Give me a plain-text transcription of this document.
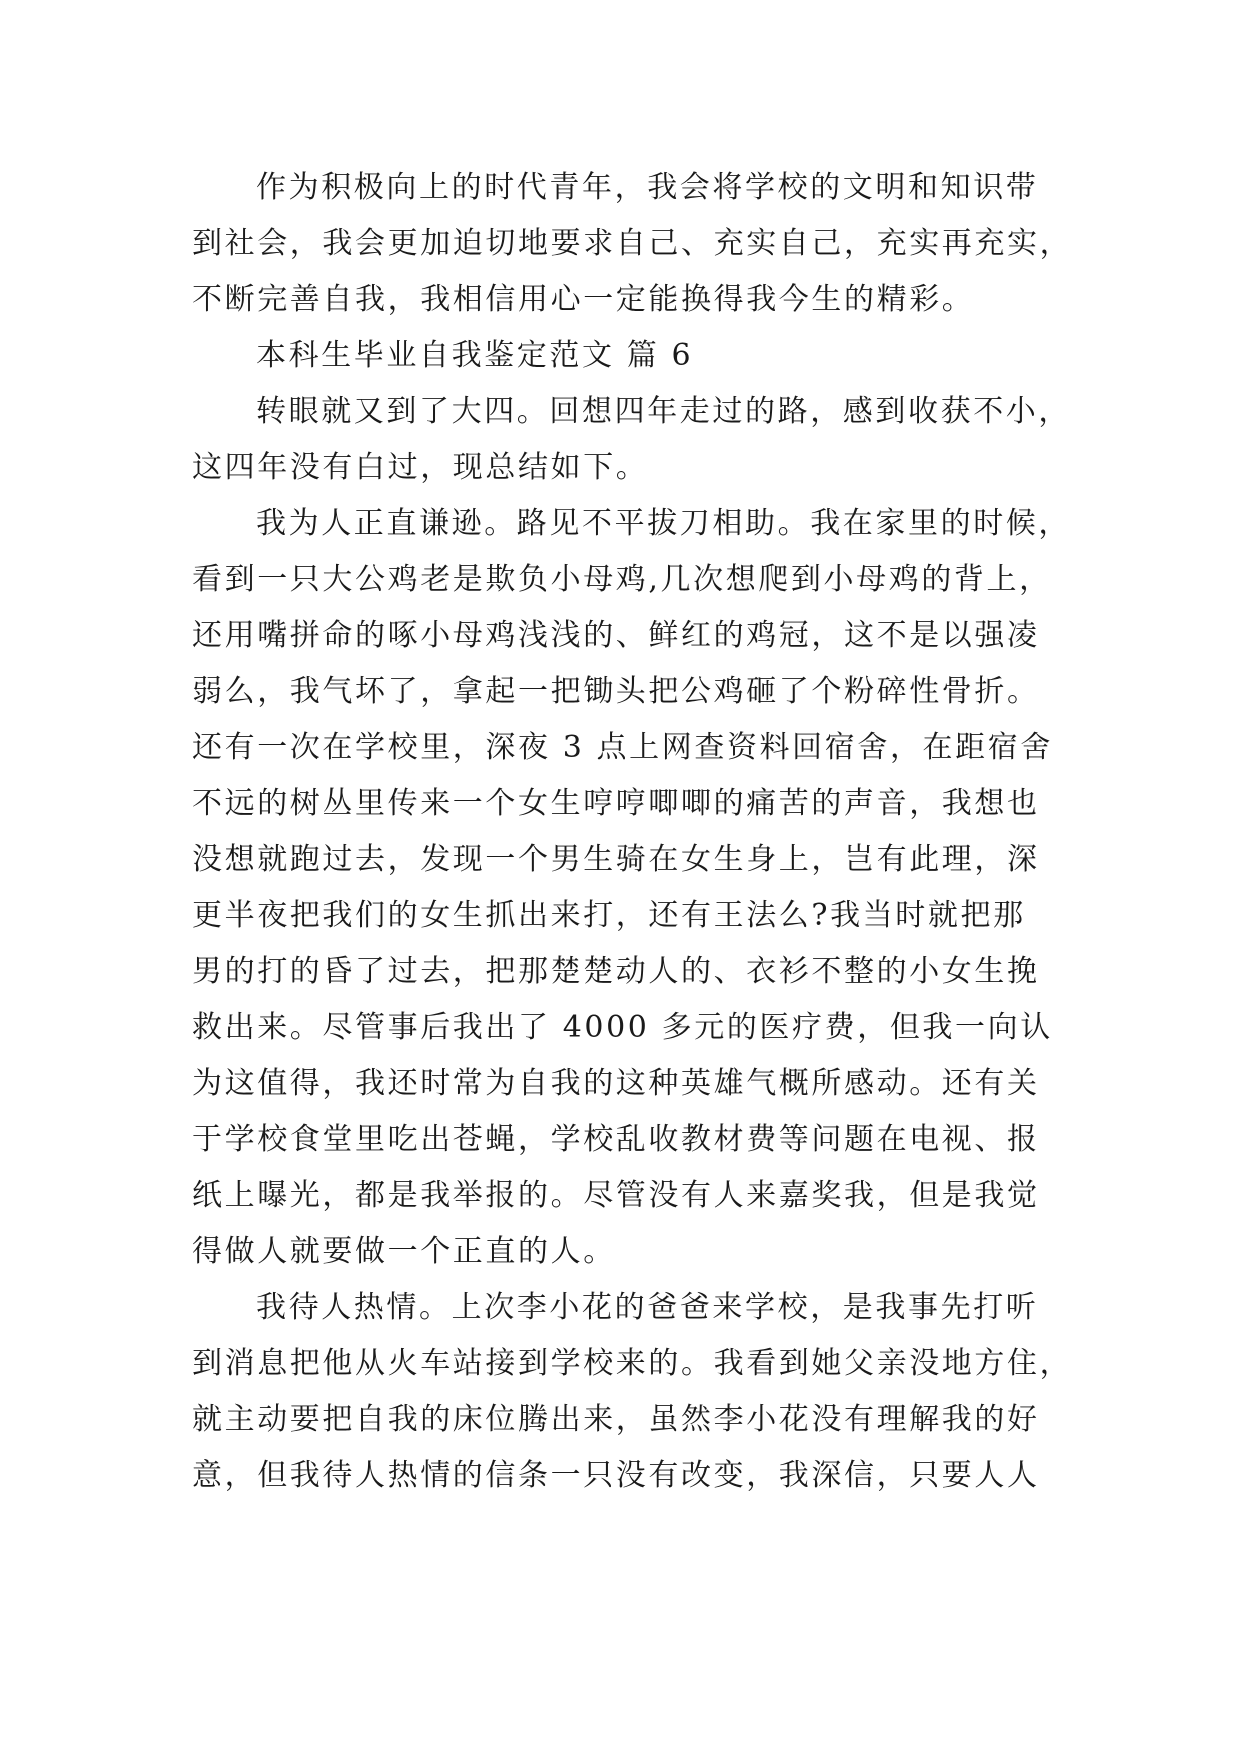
作为积极向上的时代青年，我会将学校的文明和知识带
到社会，我会更加迫切地要求自己、充实自己，充实再充实，
不断完善自我，我相信用心一定能换得我今生的精彩。
本科生毕业自我鉴定范文 篇 6
转眼就又到了大四。回想四年走过的路，感到收获不小，
这四年没有白过，现总结如下。
我为人正直谦逊。路见不平拔刀相助。我在家里的时候，
看到一只大公鸡老是欺负小母鸡,几次想爬到小母鸡的背上，
还用嘴拼命的啄小母鸡浅浅的、鲜红的鸡冠，这不是以强凌
弱么，我气坏了，拿起一把锄头把公鸡砸了个粉碎性骨折。
还有一次在学校里，深夜 3 点上网查资料回宿舍，在距宿舍
不远的树丛里传来一个女生哼哼唧唧的痛苦的声音，我想也
没想就跑过去，发现一个男生骑在女生身上，岂有此理，深
更半夜把我们的女生抓出来打，还有王法么?我当时就把那
男的打的昏了过去，把那楚楚动人的、衣衫不整的小女生挽
救出来。尽管事后我出了 4000 多元的医疗费，但我一向认
为这值得，我还时常为自我的这种英雄气概所感动。还有关
于学校食堂里吃出苍蝇，学校乱收教材费等问题在电视、报
纸上曝光，都是我举报的。尽管没有人来嘉奖我，但是我觉
得做人就要做一个正直的人。
我待人热情。上次李小花的爸爸来学校，是我事先打听
到消息把他从火车站接到学校来的。我看到她父亲没地方住，
就主动要把自我的床位腾出来，虽然李小花没有理解我的好
意，但我待人热情的信条一只没有改变，我深信，只要人人
